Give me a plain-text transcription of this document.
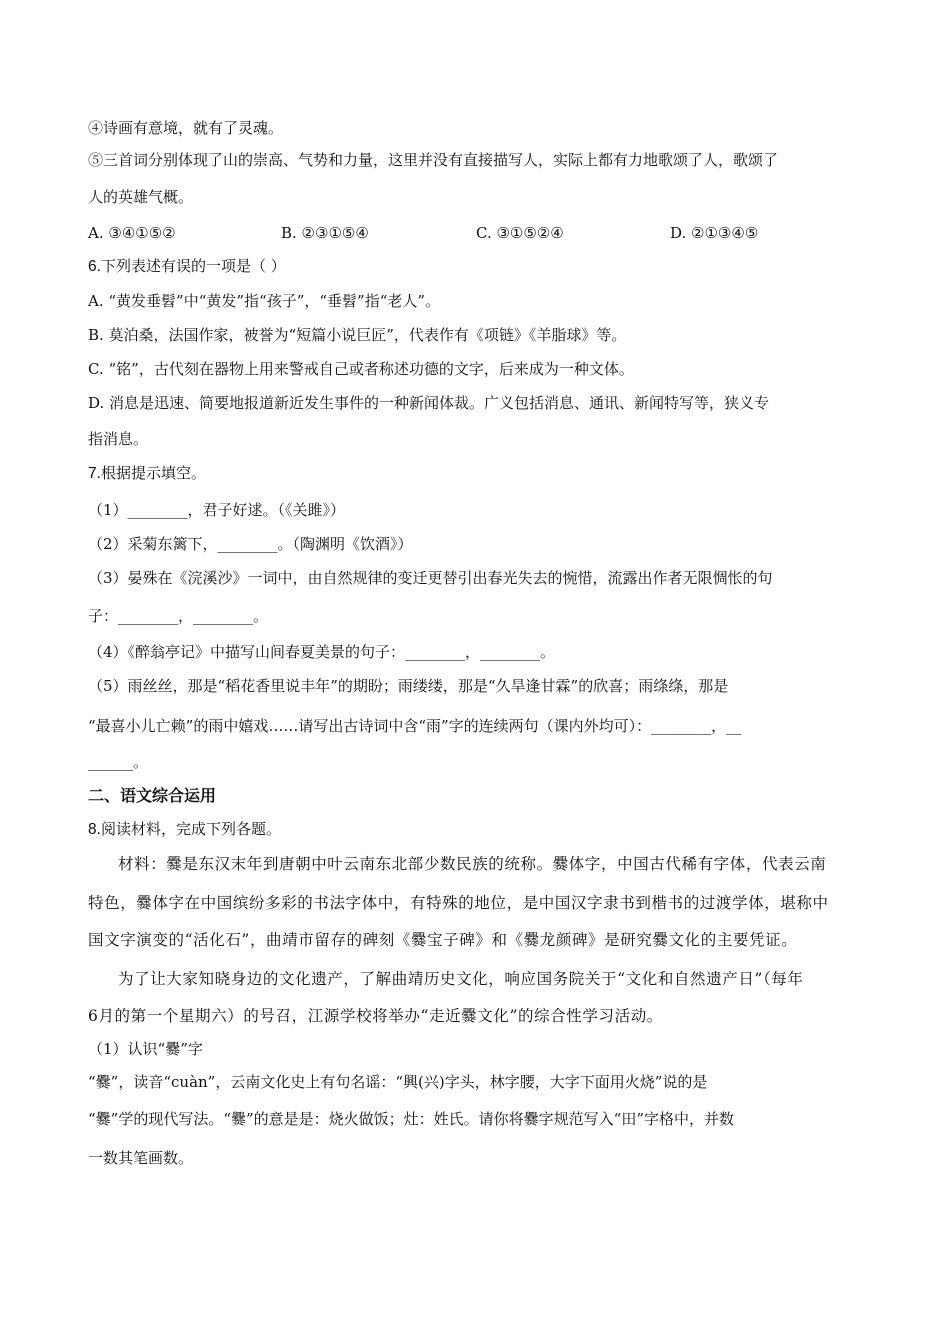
④诗画有意境，就有了灵魂。
⑤三首词分别体现了山的崇高、气势和力量，这里并没有直接描写人，实际上都有力地歌颂了人，歌颂了
人的英雄气概。
A. ③④①⑤②	B. ②③①⑤④	C. ③①⑤②④	D. ②①③④⑤
6.下列表述有误的一项是（ ）
A. “黄发垂髫”中“黄发”指“孩子”，“垂髫”指“老人”。
B. 莫泊桑，法国作家，被誉为“短篇小说巨匠”，代表作有《项链》《羊脂球》等。
C. “铭”，古代刻在器物上用来警戒自己或者称述功德的文字，后来成为一种文体。
D. 消息是迅速、简要地报道新近发生事件的一种新闻体裁。广义包括消息、通讯、新闻特写等，狭义专
指消息。
7.根据提示填空。
（1）________，君子好逑。（《关雎》）
（2）采菊东篱下，________。（陶渊明《饮酒》）
（3）晏殊在《浣溪沙》一词中，由自然规律的变迁更替引出春光失去的惋惜，流露出作者无限惆怅的句
子：________，________。
（4）《醉翁亭记》中描写山间春夏美景的句子：________，________。
（5）雨丝丝，那是“稻花香里说丰年”的期盼；雨缕缕，那是“久旱逢甘霖”的欣喜；雨绦绦，那是
“最喜小儿亡赖”的雨中嬉戏……请写出古诗词中含“雨”字的连续两句（课内外均可）：________，__
______。
二、语文综合运用
8.阅读材料，完成下列各题。
材料：爨是东汉末年到唐朝中叶云南东北部少数民族的统称。爨体字，中国古代稀有字体，代表云南
特色，爨体字在中国缤纷多彩的书法字体中，有特殊的地位，是中国汉字隶书到楷书的过渡学体，堪称中
国文字演变的“活化石”，曲靖市留存的碑刻《爨宝子碑》和《爨龙颜碑》是研究爨文化的主要凭证。
为了让大家知晓身边的文化遗产，了解曲靖历史文化，响应国务院关于“文化和自然遗产日”（每年
6月的第一个星期六）的号召，江源学校将举办“走近爨文化”的综合性学习活动。
（1）认识“爨”字
“爨”，读音“cuàn”，云南文化史上有句名谣：“興(兴)字头，林字腰，大字下面用火烧”说的是
“爨”学的现代写法。“爨”的意是是：烧火做饭；灶：姓氏。请你将爨字规范写入“田”字格中，并数
一数其笔画数。
